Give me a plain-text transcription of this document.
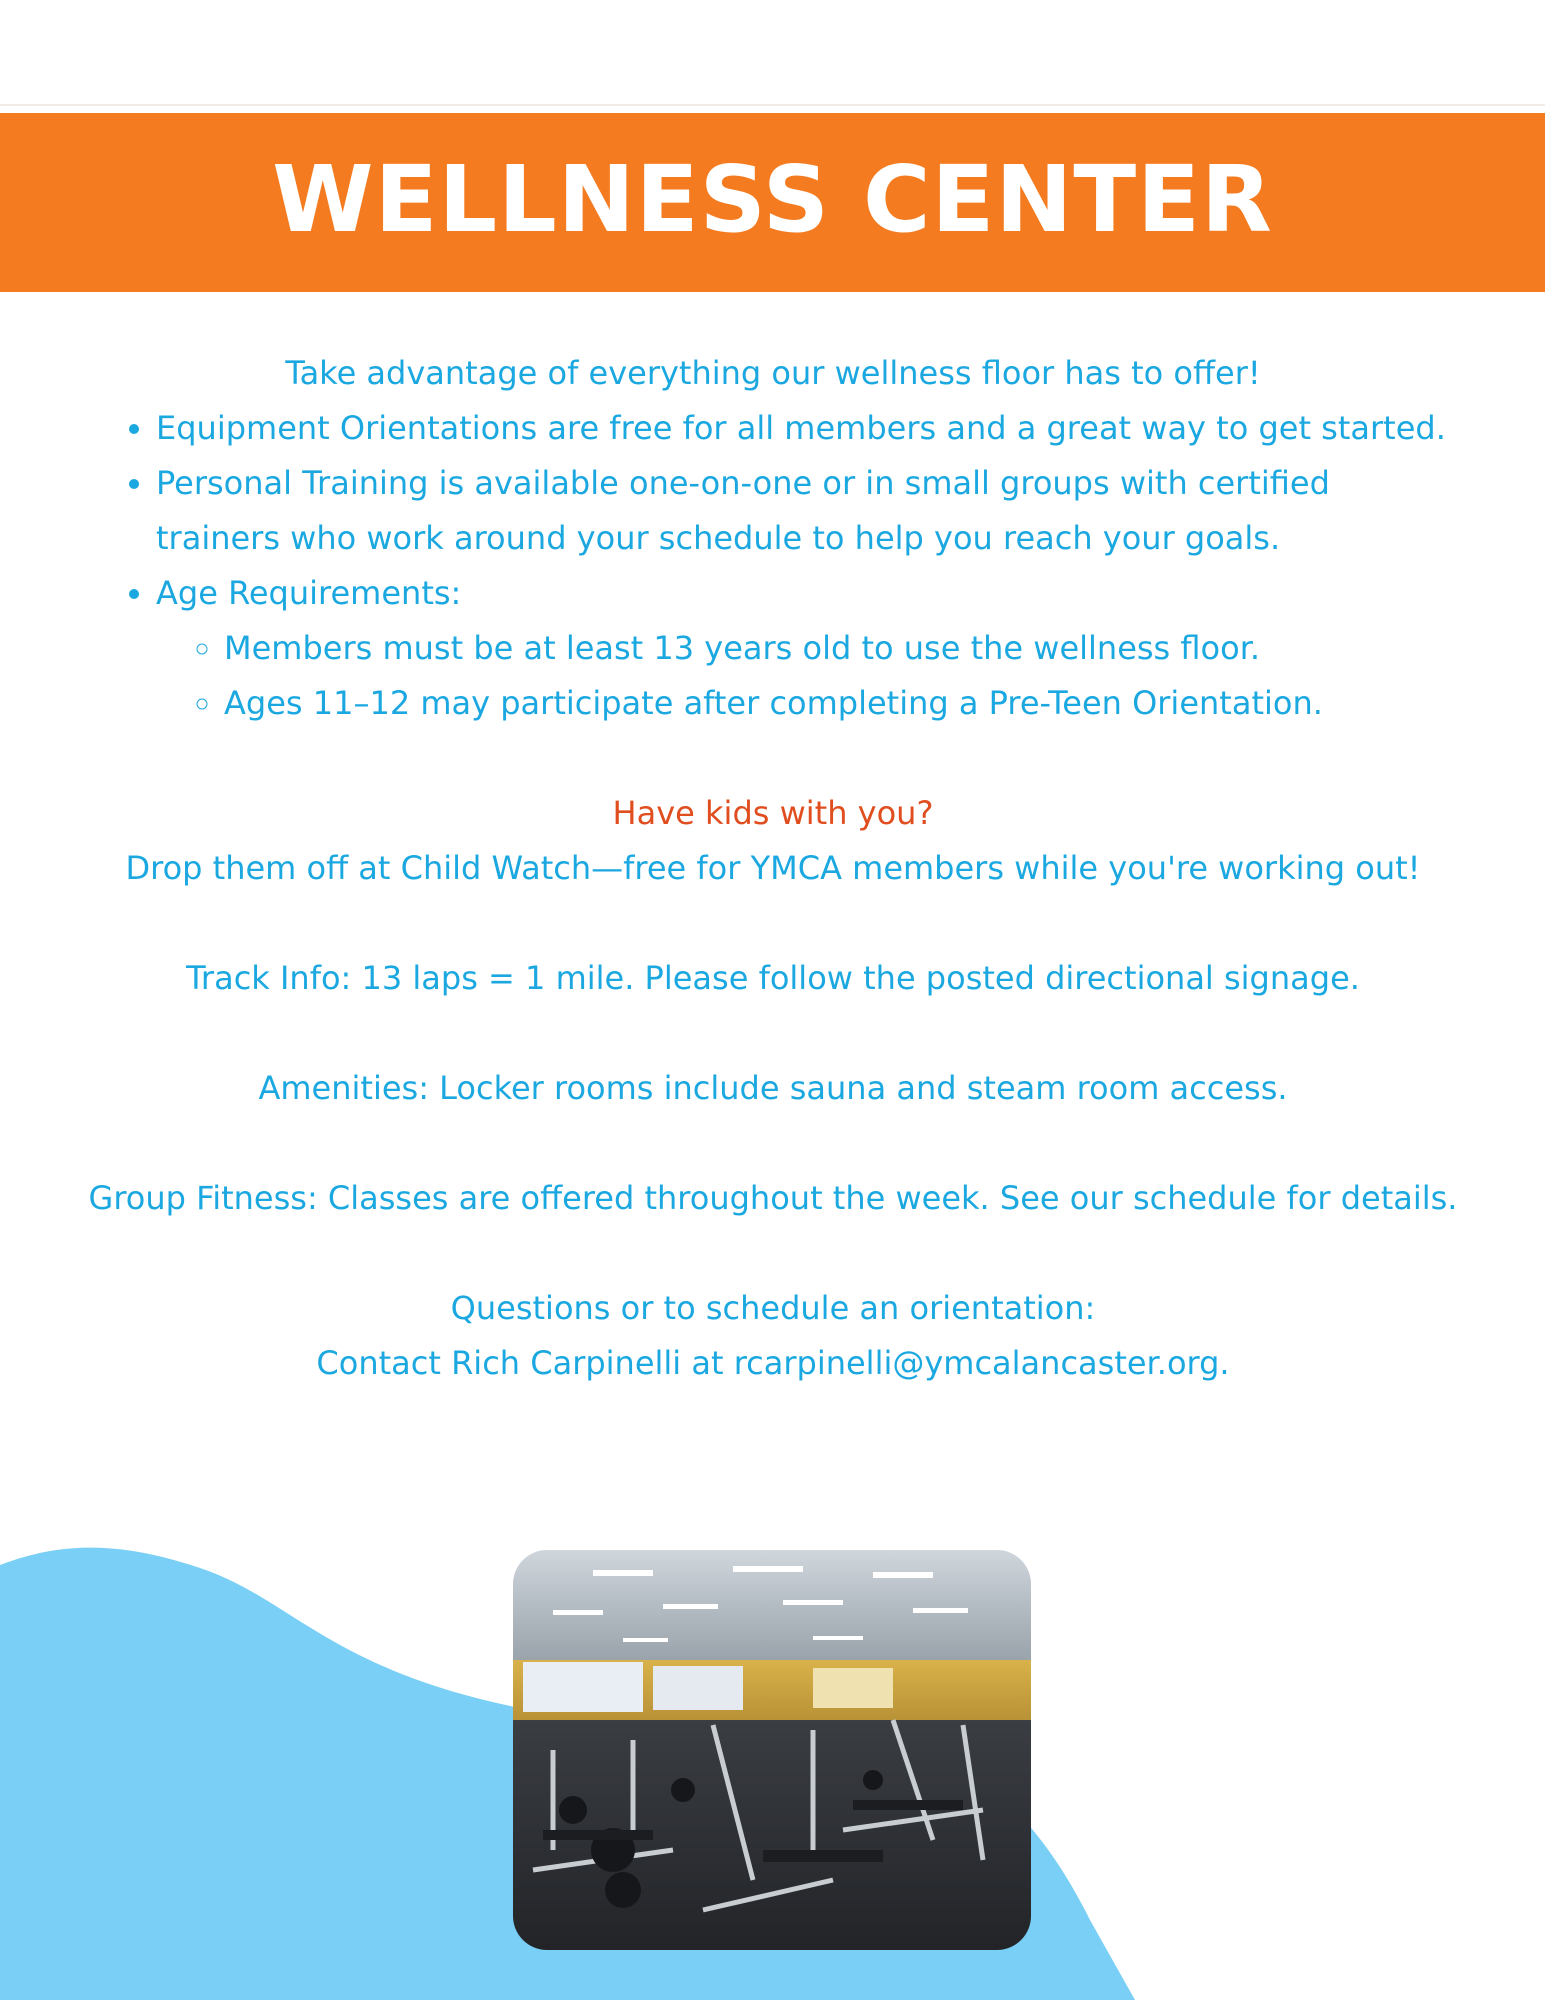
WELLNESS CENTER
Take advantage of everything our wellness floor has to offer!
• Equipment Orientations are free for all members and a great way to get started.
• Personal Training is available one-on-one or in small groups with certified trainers who work around your schedule to help you reach your goals.
• Age Requirements:
◦ Members must be at least 13 years old to use the wellness floor.
◦ Ages 11–12 may participate after completing a Pre-Teen Orientation.
Have kids with you?
Drop them off at Child Watch—free for YMCA members while you're working out!
Track Info: 13 laps = 1 mile. Please follow the posted directional signage.
Amenities: Locker rooms include sauna and steam room access.
Group Fitness: Classes are offered throughout the week. See our schedule for details.
Questions or to schedule an orientation:
Contact Rich Carpinelli at rcarpinelli@ymcalancaster.org.
